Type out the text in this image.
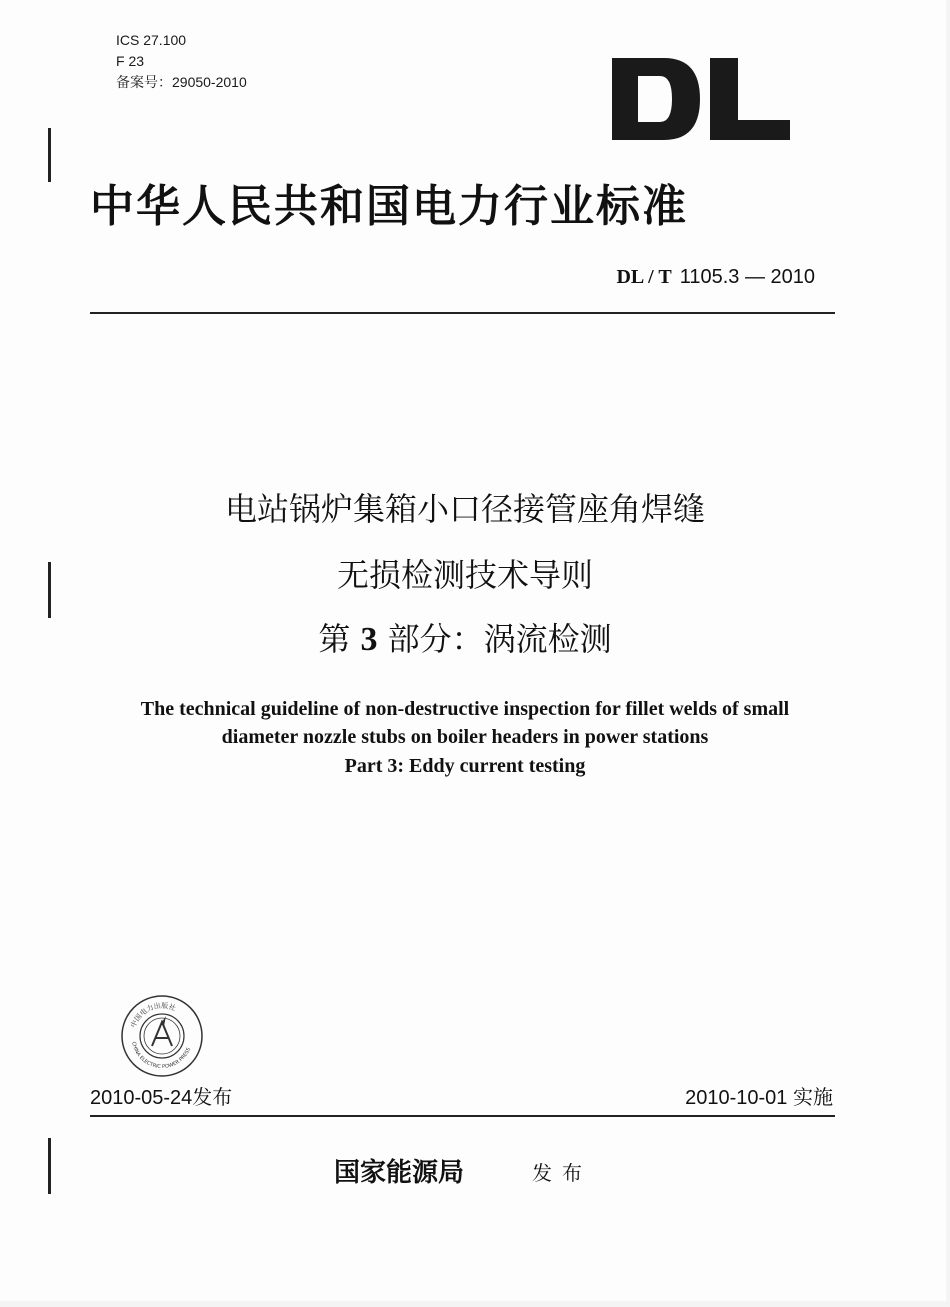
ICS 27.100
F 23
备案号：29050-2010
中华人民共和国电力行业标准
DL / T 1105.3 — 2010
电站锅炉集箱小口径接管座角焊缝
无损检测技术导则
第 3 部分：涡流检测
The technical guideline of non-destructive inspection for fillet welds of small
diameter nozzle stubs on boiler headers in power stations
Part 3: Eddy current testing
中国电力出版社
CHINA ELECTRIC POWER PRESS
2010-05-24发布	2010-10-01 实施
国家能源局	发布
